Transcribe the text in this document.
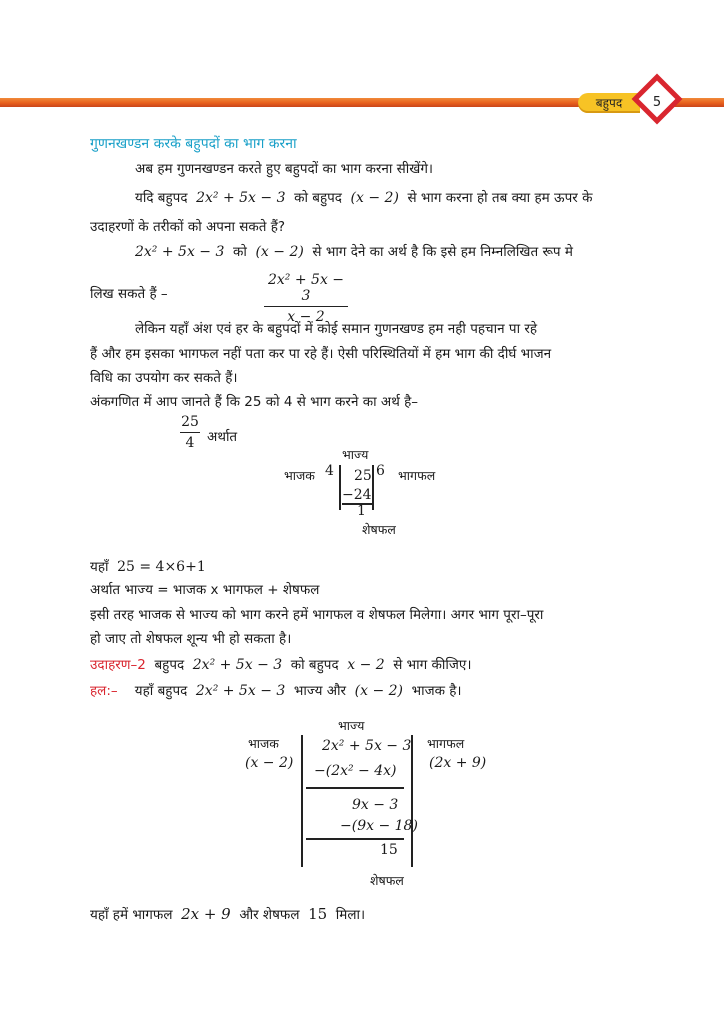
बहुपद	5
गुणनखण्डन करके बहुपदों का भाग करना
अब हम गुणनखण्डन करते हुए बहुपदों का भाग करना सीखेंगे।
यदि बहुपद 2x² + 5x − 3 को बहुपद (x − 2) से भाग करना हो तब क्या हम ऊपर के
उदाहरणों के तरीकों को अपना सकते हैं?
2x² + 5x − 3 को (x − 2) से भाग देने का अर्थ है कि इसे हम निम्नलिखित रूप मे
लिख सकते हैं –
2x² + 5x − 3
x − 2
लेकिन यहाँ अंश एवं हर के बहुपदों में कोई समान गुणनखण्ड हम नही पहचान पा रहे
हैं और हम इसका भागफल नहीं पता कर पा रहे हैं। ऐसी परिस्थितियों में हम भाग की दीर्घ भाजन
विधि का उपयोग कर सकते हैं।
अंकगणित में आप जानते हैं कि 25 को 4 से भाग करने का अर्थ है–
25
4 अर्थात
भाज्य
भाजक 4 25 6 भागफल
−24
1
शेषफल
यहाँ 25 = 4×6+1
अर्थात भाज्य = भाजक x भागफल + शेषफल
इसी तरह भाजक से भाज्य को भाग करने हमें भागफल व शेषफल मिलेगा। अगर भाग पूरा–पूरा
हो जाए तो शेषफल शून्य भी हो सकता है।
उदाहरण–2 बहुपद 2x² + 5x − 3 को बहुपद x − 2 से भाग कीजिए।
हल:– यहाँ बहुपद 2x² + 5x − 3 भाज्य और (x − 2) भाजक है।
भाज्य
भाजक
(x − 2)
भागफल
(2x + 9)
2x² + 5x − 3
−(2x² − 4x)
9x − 3
−(9x − 18)
15
शेषफल
यहाँ हमें भागफल 2x + 9 और शेषफल 15 मिला।
